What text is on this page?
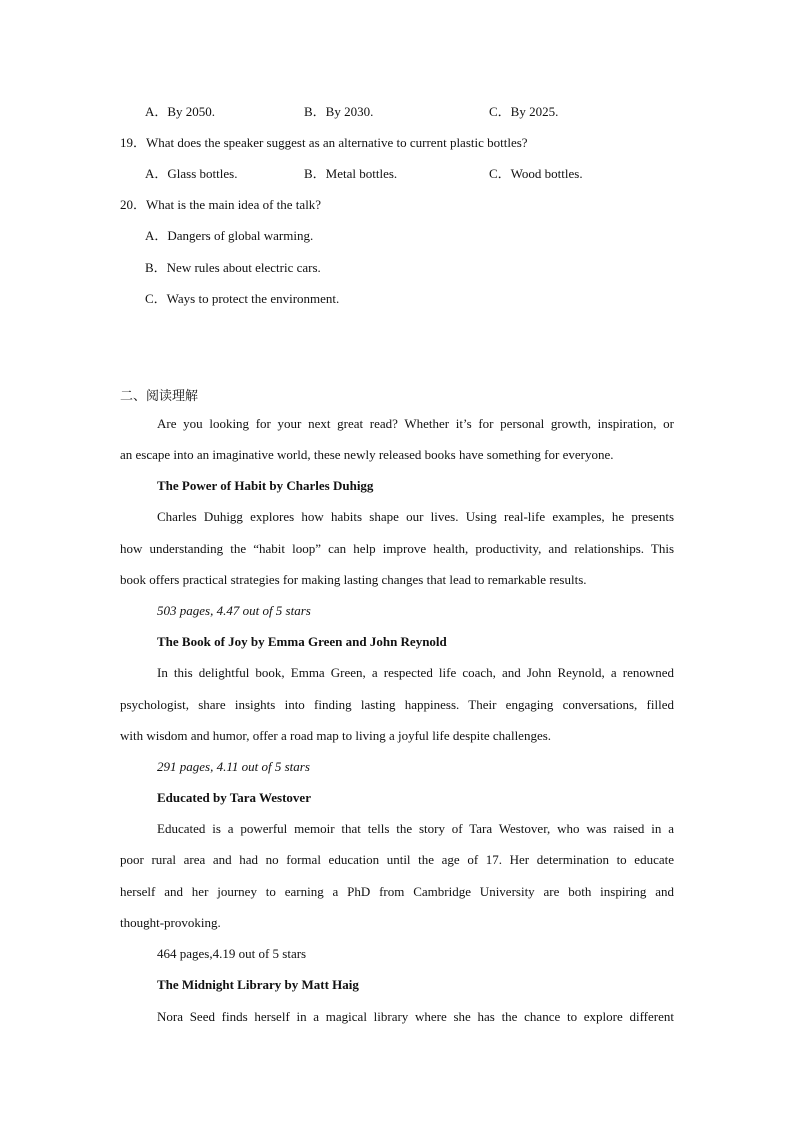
A．By 2050.	B．By 2030.	C．By 2025.
19．What does the speaker suggest as an alternative to current plastic bottles?
A．Glass bottles.	B．Metal bottles.	C．Wood bottles.
20．What is the main idea of the talk?
A．Dangers of global warming.
B．New rules about electric cars.
C．Ways to protect the environment.
二、阅读理解
Are you looking for your next great read? Whether it’s for personal growth, inspiration, or
an escape into an imaginative world, these newly released books have something for everyone.
The Power of Habit by Charles Duhigg
Charles Duhigg explores how habits shape our lives. Using real-life examples, he presents
how understanding the “habit loop” can help improve health, productivity, and relationships. This
book offers practical strategies for making lasting changes that lead to remarkable results.
503 pages, 4.47 out of 5 stars
The Book of Joy by Emma Green and John Reynold
In this delightful book, Emma Green, a respected life coach, and John Reynold, a renowned
psychologist, share insights into finding lasting happiness. Their engaging conversations, filled
with wisdom and humor, offer a road map to living a joyful life despite challenges.
291 pages, 4.11 out of 5 stars
Educated by Tara Westover
Educated is a powerful memoir that tells the story of Tara Westover, who was raised in a
poor rural area and had no formal education until the age of 17. Her determination to educate
herself and her journey to earning a PhD from Cambridge University are both inspiring and
thought-provoking.
464 pages,4.19 out of 5 stars
The Midnight Library by Matt Haig
Nora Seed finds herself in a magical library where she has the chance to explore different
